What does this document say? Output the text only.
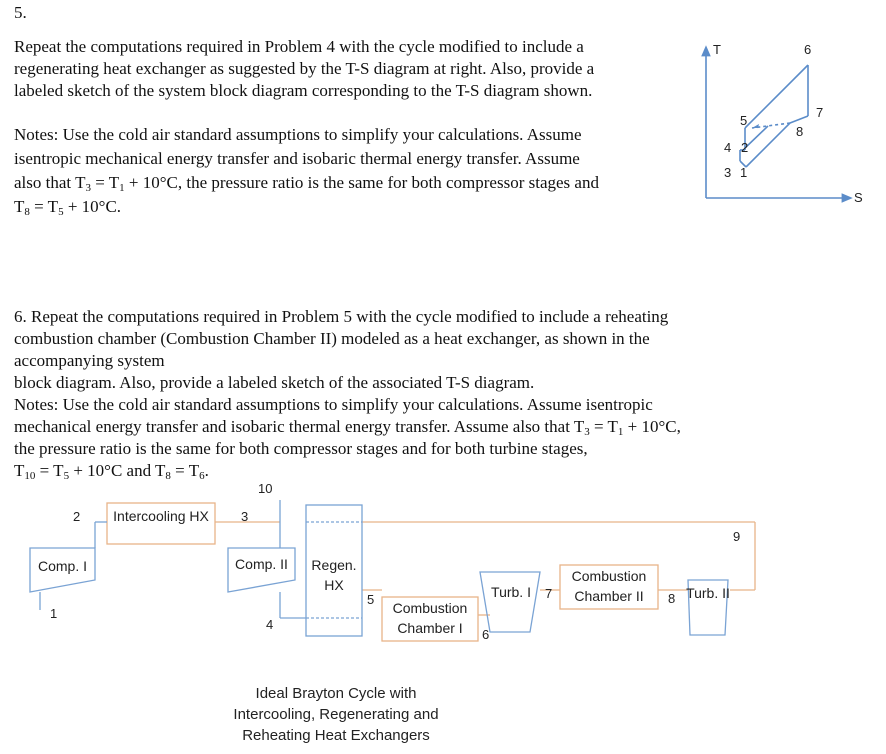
5.
Repeat the computations required in Problem 4 with the cycle modified to include a
regenerating heat exchanger as suggested by the T-S diagram at right. Also, provide a
labeled sketch of the system block diagram corresponding to the T-S diagram shown.
Notes: Use the cold air standard assumptions to simplify your calculations. Assume
isentropic mechanical energy transfer and isobaric thermal energy transfer. Assume
also that $T_3 = T_1 + 10^\circ C$, the pressure ratio is the same for both compressor stages and
$T_8 = T_5 + 10^\circ C$.
T
S
1
2
3
4
5
6
7
8
6. Repeat the computations required in Problem 5 with the cycle modified to include a reheating
combustion chamber (Combustion Chamber II) modeled as a heat exchanger, as shown in the
accompanying system
block diagram. Also, provide a labeled sketch of the associated T-S diagram.
Notes: Use the cold air standard assumptions to simplify your calculations. Assume isentropic
mechanical energy transfer and isobaric thermal energy transfer. Assume also that $T_3 = T_1 + 10^\circ C$,
the pressure ratio is the same for both compressor stages and for both turbine stages,
$T_{10} = T_5 + 10^\circ C$ and $T_8 = T_6$.
Intercooling HX
Comp. I	Comp. II	Regen. HX
Combustion Chamber I
Turb. I
Combustion Chamber II	Turb. II
1
2	3
4
5
6
7	8
9
10
Ideal Brayton Cycle with
Intercooling, Regenerating and
Reheating Heat Exchangers
